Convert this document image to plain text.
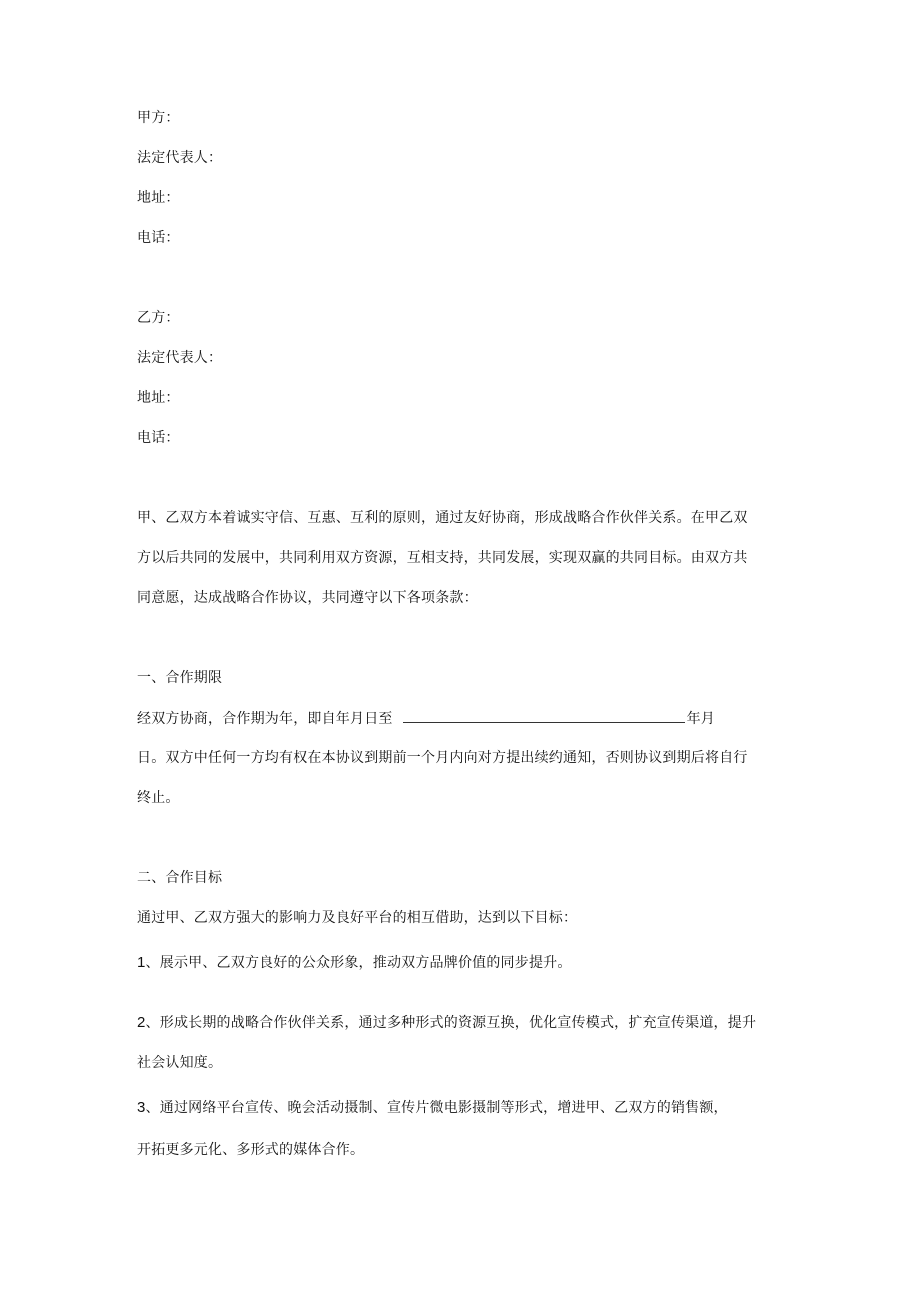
甲方：
法定代表人：
地址：
电话：
乙方：
法定代表人：
地址：
电话：
甲、乙双方本着诚实守信、互惠、互利的原则，通过友好协商，形成战略合作伙伴关系。在甲乙双
方以后共同的发展中，共同利用双方资源，互相支持，共同发展，实现双赢的共同目标。由双方共
同意愿，达成战略合作协议，共同遵守以下各项条款：
一、合作期限
经双方协商，合作期为年，即自年月日至	年月
日。双方中任何一方均有权在本协议到期前一个月内向对方提出续约通知，否则协议到期后将自行
终止。
二、合作目标
通过甲、乙双方强大的影响力及良好平台的相互借助，达到以下目标：
1、展示甲、乙双方良好的公众形象，推动双方品牌价值的同步提升。
2、形成长期的战略合作伙伴关系，通过多种形式的资源互换，优化宣传模式，扩充宣传渠道，提升
社会认知度。
3、通过网络平台宣传、晚会活动摄制、宣传片微电影摄制等形式，增进甲、乙双方的销售额，
开拓更多元化、多形式的媒体合作。
